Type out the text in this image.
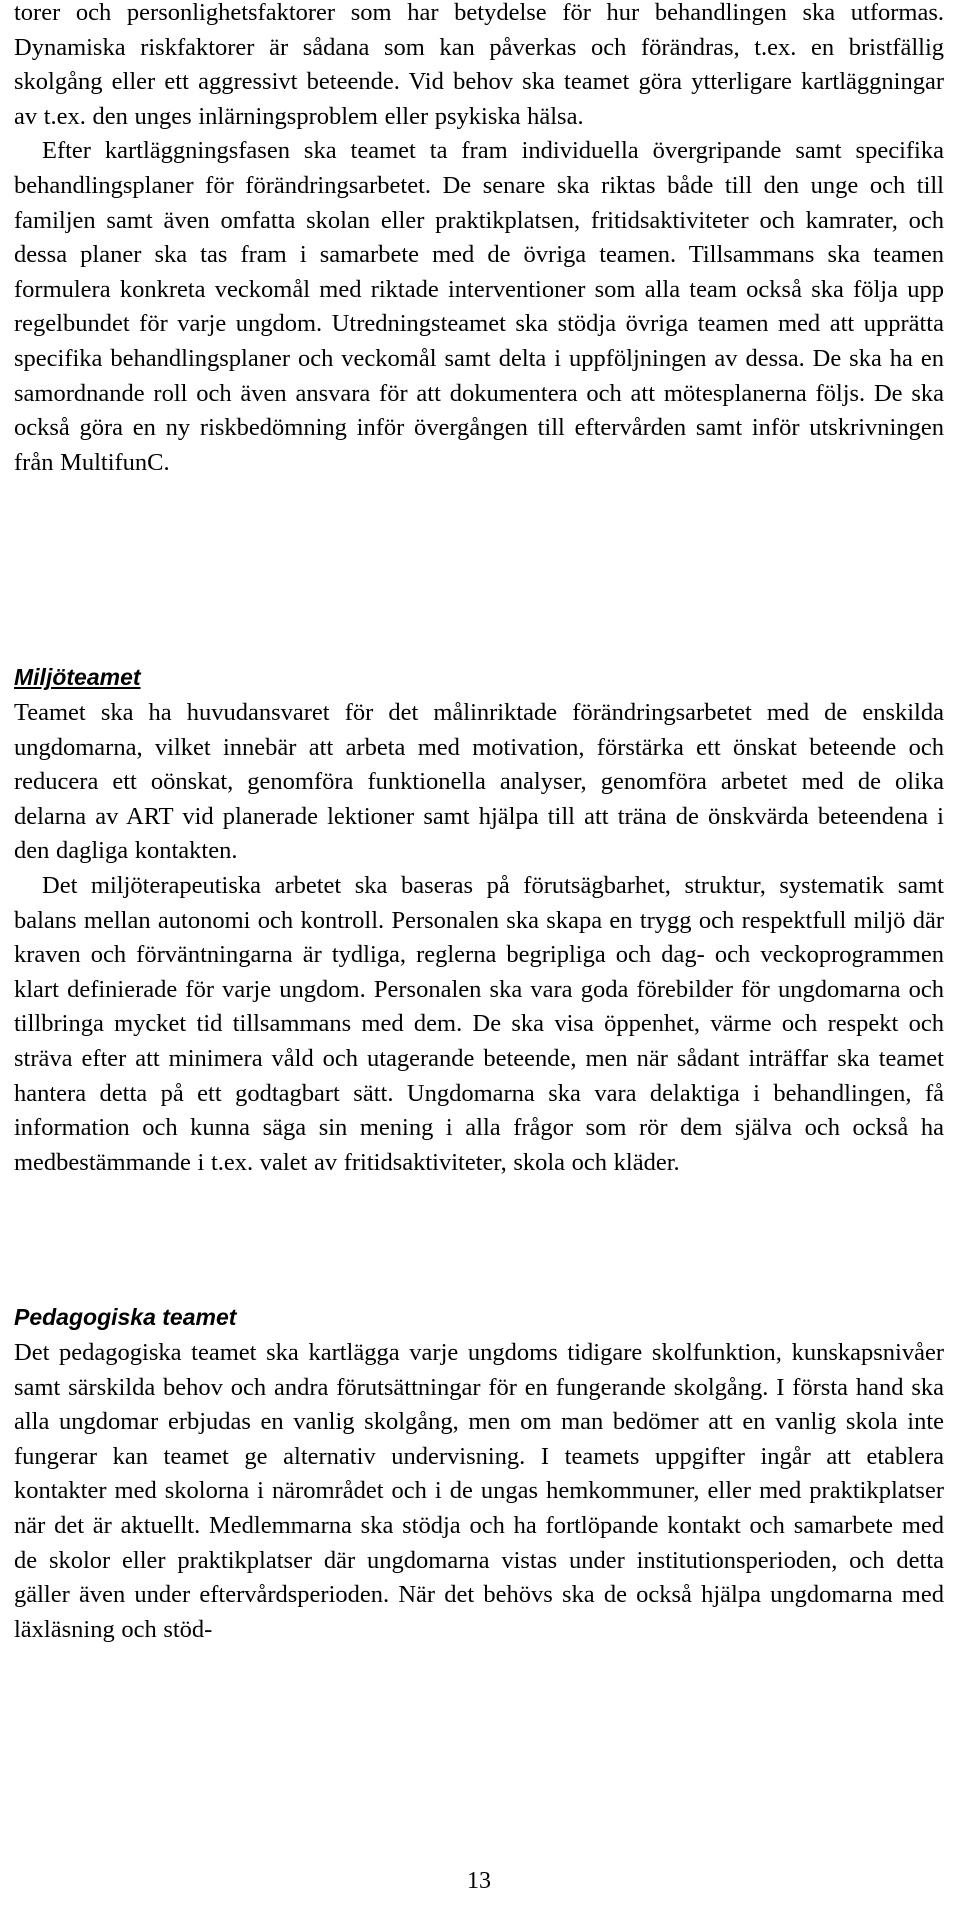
torer och personlighetsfaktorer som har betydelse för hur behandlingen ska utformas. Dynamiska riskfaktorer är sådana som kan påverkas och förändras, t.ex. en bristfällig skolgång eller ett aggressivt beteende. Vid behov ska teamet göra ytterligare kartläggningar av t.ex. den unges inlärningsproblem eller psykiska hälsa.

Efter kartläggningsfasen ska teamet ta fram individuella övergripande samt specifika behandlingsplaner för förändringsarbetet. De senare ska riktas både till den unge och till familjen samt även omfatta skolan eller praktikplatsen, fritidsaktiviteter och kamrater, och dessa planer ska tas fram i samarbete med de övriga teamen. Tillsammans ska teamen formulera konkreta veckomål med riktade interventioner som alla team också ska följa upp regelbundet för varje ungdom. Utredningsteamet ska stödja övriga teamen med att upprätta specifika behandlingsplaner och veckomål samt delta i uppföljningen av dessa. De ska ha en samordnande roll och även ansvara för att dokumentera och att mötesplanerna följs. De ska också göra en ny riskbedömning inför övergången till eftervården samt inför utskrivningen från MultifunC.

Miljöteamet

Teamet ska ha huvudansvaret för det målinriktade förändringsarbetet med de enskilda ungdomarna, vilket innebär att arbeta med motivation, förstärka ett önskat beteende och reducera ett oönskat, genomföra funktionella analyser, genomföra arbetet med de olika delarna av ART vid planerade lektioner samt hjälpa till att träna de önskvärda beteendena i den dagliga kontakten.

Det miljöterapeutiska arbetet ska baseras på förutsägbarhet, struktur, systematik samt balans mellan autonomi och kontroll. Personalen ska skapa en trygg och respektfull miljö där kraven och förväntningarna är tydliga, reglerna begripliga och dag- och veckoprogrammen klart definierade för varje ungdom. Personalen ska vara goda förebilder för ungdomarna och tillbringa mycket tid tillsammans med dem. De ska visa öppenhet, värme och respekt och sträva efter att minimera våld och utagerande beteende, men när sådant inträffar ska teamet hantera detta på ett godtagbart sätt. Ungdomarna ska vara delaktiga i behandlingen, få information och kunna säga sin mening i alla frågor som rör dem själva och också ha medbestämmande i t.ex. valet av fritidsaktiviteter, skola och kläder.

Pedagogiska teamet

Det pedagogiska teamet ska kartlägga varje ungdoms tidigare skolfunktion, kunskapsnivåer samt särskilda behov och andra förutsättningar för en fungerande skolgång. I första hand ska alla ungdomar erbjudas en vanlig skolgång, men om man bedömer att en vanlig skola inte fungerar kan teamet ge alternativ undervisning. I teamets uppgifter ingår att etablera kontakter med skolorna i närområdet och i de ungas hemkommuner, eller med praktikplatser när det är aktuellt. Medlemmarna ska stödja och ha fortlöpande kontakt och samarbete med de skolor eller praktikplatser där ungdomarna vistas under institutionsperioden, och detta gäller även under eftervårdsperioden. När det behövs ska de också hjälpa ungdomarna med läxläsning och stöd-

13
